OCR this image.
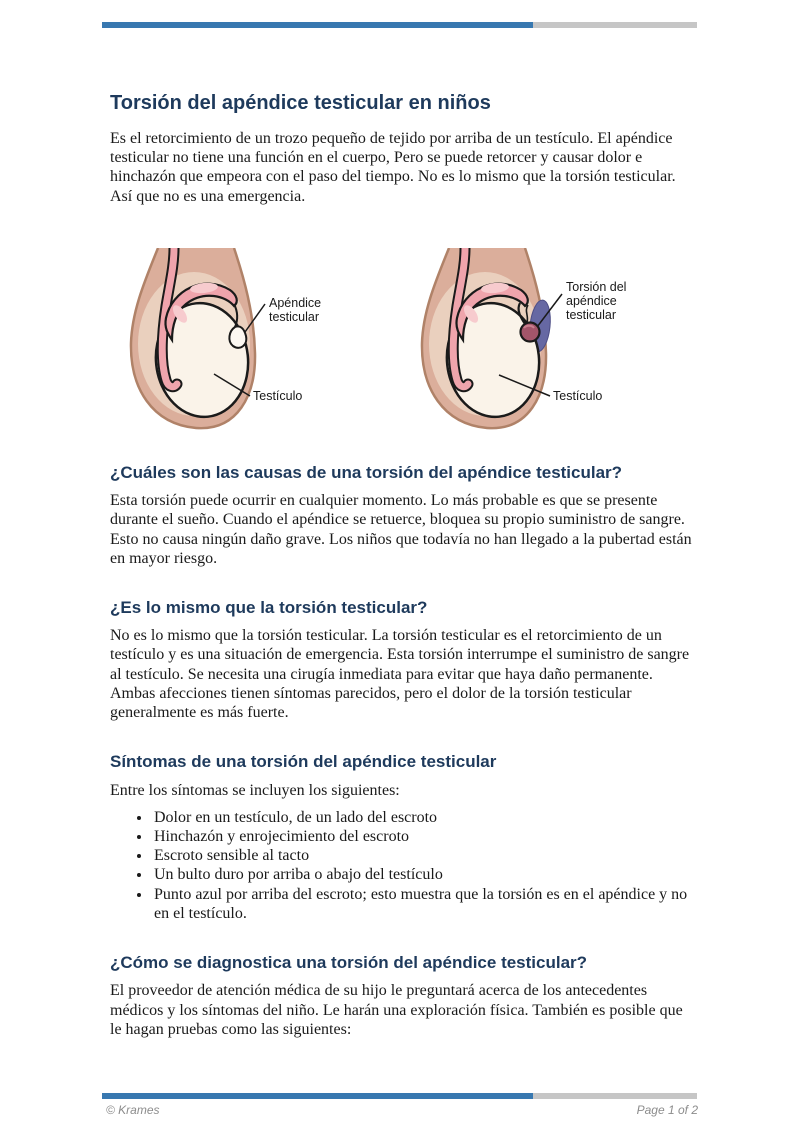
Torsión del apéndice testicular en niños

Es el retorcimiento de un trozo pequeño de tejido por arriba de un testículo. El apéndice testicular no tiene una función en el cuerpo, Pero se puede retorcer y causar dolor e hinchazón que empeora con el paso del tiempo. No es lo mismo que la torsión testicular. Así que no es una emergencia.

Apéndice
testicular
Testículo
Torsión del
apéndice
testicular
Testículo
¿Cuáles son las causas de una torsión del apéndice testicular?

Esta torsión puede ocurrir en cualquier momento. Lo más probable es que se presente durante el sueño. Cuando el apéndice se retuerce, bloquea su propio suministro de sangre. Esto no causa ningún daño grave. Los niños que todavía no han llegado a la pubertad están en mayor riesgo.

¿Es lo mismo que la torsión testicular?

No es lo mismo que la torsión testicular. La torsión testicular es el retorcimiento de un testículo y es una situación de emergencia. Esta torsión interrumpe el suministro de sangre al testículo. Se necesita una cirugía inmediata para evitar que haya daño permanente. Ambas afecciones tienen síntomas parecidos, pero el dolor de la torsión testicular generalmente es más fuerte.

Síntomas de una torsión del apéndice testicular

Entre los síntomas se incluyen los siguientes:

• Dolor en un testículo, de un lado del escroto
• Hinchazón y enrojecimiento del escroto
• Escroto sensible al tacto
• Un bulto duro por arriba o abajo del testículo
• Punto azul por arriba del escroto; esto muestra que la torsión es en el apéndice y no en el testículo.
¿Cómo se diagnostica una torsión del apéndice testicular?

El proveedor de atención médica de su hijo le preguntará acerca de los antecedentes médicos y los síntomas del niño. Le harán una exploración física. También es posible que le hagan pruebas como las siguientes:

© Krames	Page 1 of 2
